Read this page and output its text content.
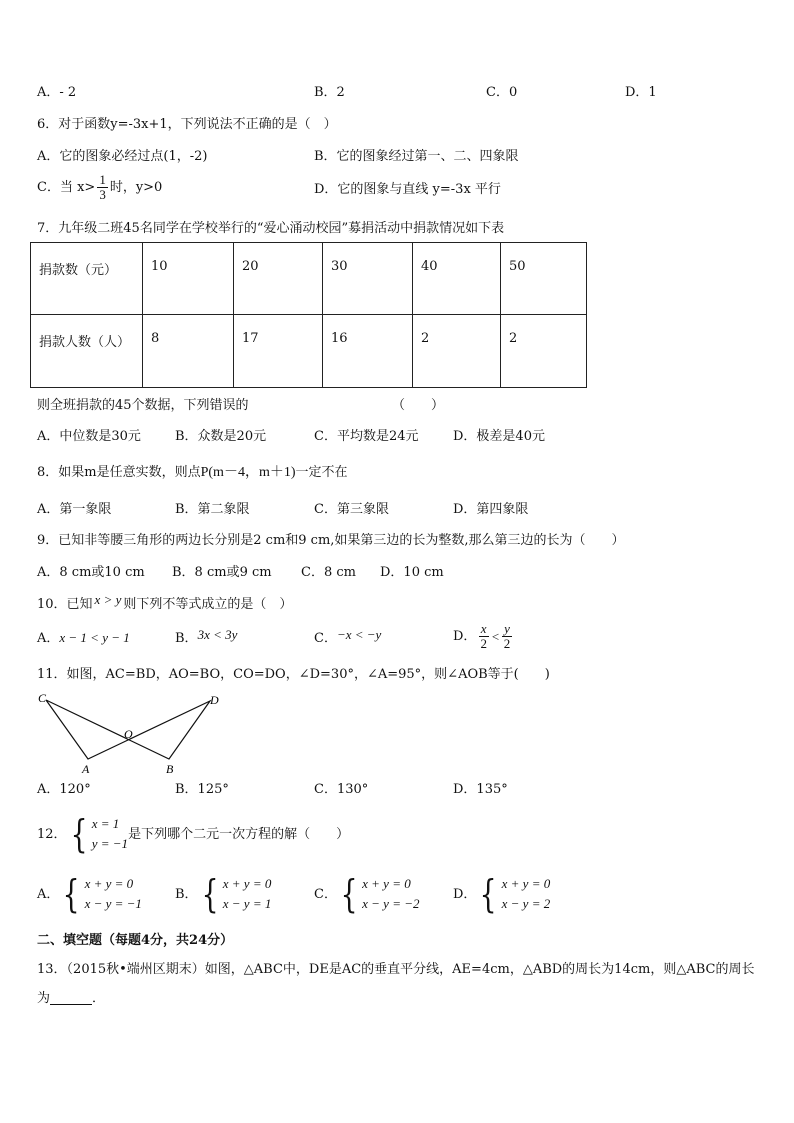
A．- 2	B．2	C．0	D．1
6．对于函数y=-3x+1，下列说法不正确的是（　）
A．它的图象必经过点(1，-2)	B．它的图象经过第一、二、四象限
C．当 $x> \frac{1}{3}$ 时，y>0	D．它的图象与直线 y=-3x 平行
7．九年级二班45名同学在学校举行的“爱心涌动校园”募捐活动中捐款情况如下表
捐款数（元）	10	20	30	40	50
捐款人数（人）	8	17	16	2	2
则全班捐款的45个数据，下列错误的	（　　）
A．中位数是30元	B．众数是20元	C．平均数是24元	D．极差是40元
8．如果m是任意实数，则点P(m－4，m＋1)一定不在
A．第一象限	B．第二象限	C．第三象限	D．第四象限
9．已知非等腰三角形的两边长分别是2 cm和9 cm,如果第三边的长为整数,那么第三边的长为（　　）
A．8 cm或10 cm B．8 cm或9 cm C．8 cm D．10 cm
10．已知 x > y 则下列不等式成立的是（　）
A．x − 1 < y − 1	B．3x < 3y	C．−x < −y	D． $\frac{x}{2} < \frac{y}{2}$
11．如图，AC=BD，AO=BO，CO=DO，∠D=30°，∠A=95°，则∠AOB等于(　　)
C	D
O
A	B
A．120°	B．125°	C．130°	D．135°
12． { x = 1
y = −1
是下列哪个二元一次方程的解（　　）
A． { x + y = 0
x − y = −1
B． { x + y = 0
x − y = 1
C． { x + y = 0
x − y = −2
D． { x + y = 0
x − y = 2
二、填空题（每题4分，共24分）
13．（2015秋•端州区期末）如图，△ABC中，DE是AC的垂直平分线，AE=4cm，△ABD的周长为14cm，则△ABC的周长
为	．
